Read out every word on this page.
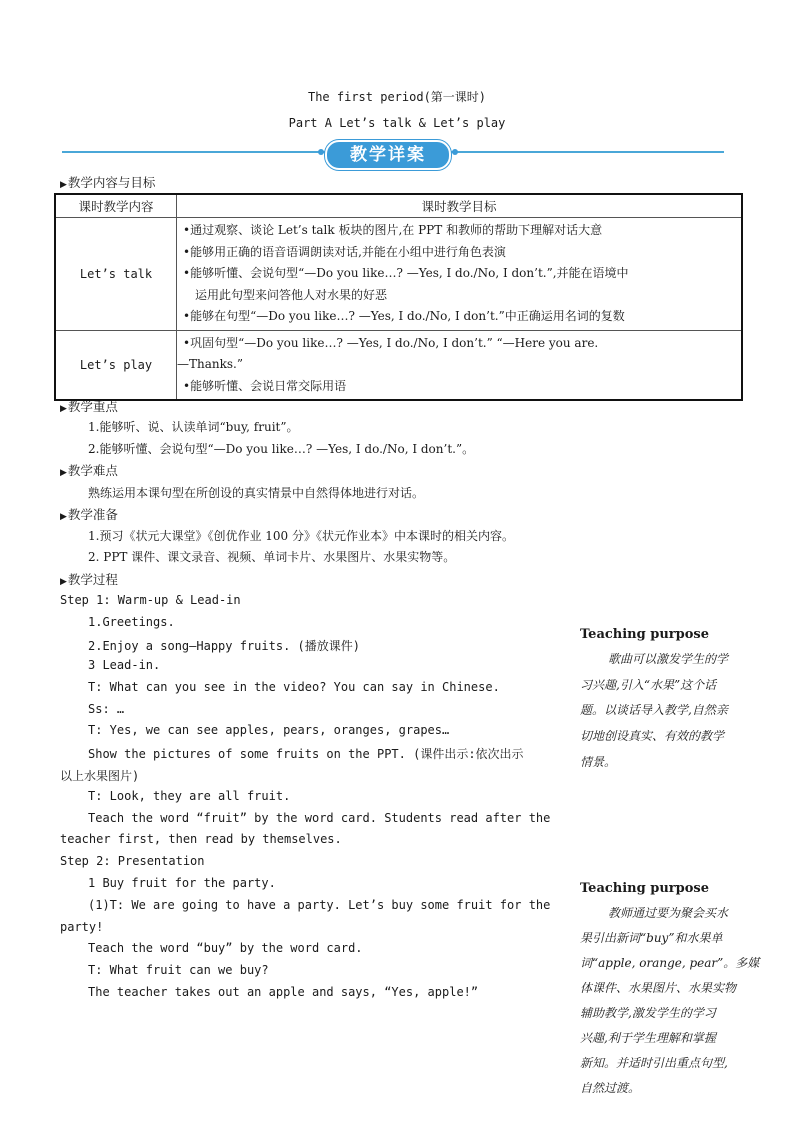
The first period(第一课时)
Part A Let’s talk & Let’s play
教学详案
▶教学内容与目标
课时教学内容	课时教学目标
Let’s talk	•通过观察、谈论 Let’s talk 板块的图片,在 PPT 和教师的帮助下理解对话大意
•能够用正确的语音语调朗读对话,并能在小组中进行角色表演
•能够听懂、会说句型“—Do you like…? —Yes, I do./No, I don’t.”,并能在语境中
运用此句型来问答他人对水果的好恶
•能够在句型“—Do you like…? —Yes, I do./No, I don’t.”中正确运用名词的复数

Let’s play	•巩固句型“—Do you like…? —Yes, I do./No, I don’t.” “—Here you are.
—Thanks.”
•能够听懂、会说日常交际用语
▶教学重点
1.能够听、说、认读单词“buy, fruit”。
2.能够听懂、会说句型“—Do you like…? —Yes, I do./No, I don’t.”。
▶教学难点
熟练运用本课句型在所创设的真实情景中自然得体地进行对话。
▶教学准备
1.预习《状元大课堂》《创优作业 100 分》《状元作业本》中本课时的相关内容。
2. PPT 课件、课文录音、视频、单词卡片、水果图片、水果实物等。
▶教学过程
Step 1: Warm-up & Lead-in
1.Greetings.
2.Enjoy a song—Happy fruits. (播放课件)
3 Lead-in.
T: What can you see in the video? You can say in Chinese.
Ss: …
T: Yes, we can see apples, pears, oranges, grapes…
Show the pictures of some fruits on the PPT. (课件出示:依次出示
以上水果图片)
T: Look, they are all fruit.
Teach the word “fruit” by the word card. Students read after the
teacher first, then read by themselves.
Step 2: Presentation
1 Buy fruit for the party.
(1)T: We are going to have a party. Let’s buy some fruit for the
party!
Teach the word “buy” by the word card.
T: What fruit can we buy?
The teacher takes out an apple and says, “Yes, apple!”
Teaching purpose
歌曲可以激发学生的学
习兴趣,引入“水果”这个话
题。以谈话导入教学,自然亲
切地创设真实、有效的教学
情景。
Teaching purpose
教师通过要为聚会买水
果引出新词“buy”和水果单
词“apple, orange, pear”。多媒
体课件、水果图片、水果实物
辅助教学,激发学生的学习
兴趣,利于学生理解和掌握
新知。并适时引出重点句型,
自然过渡。
